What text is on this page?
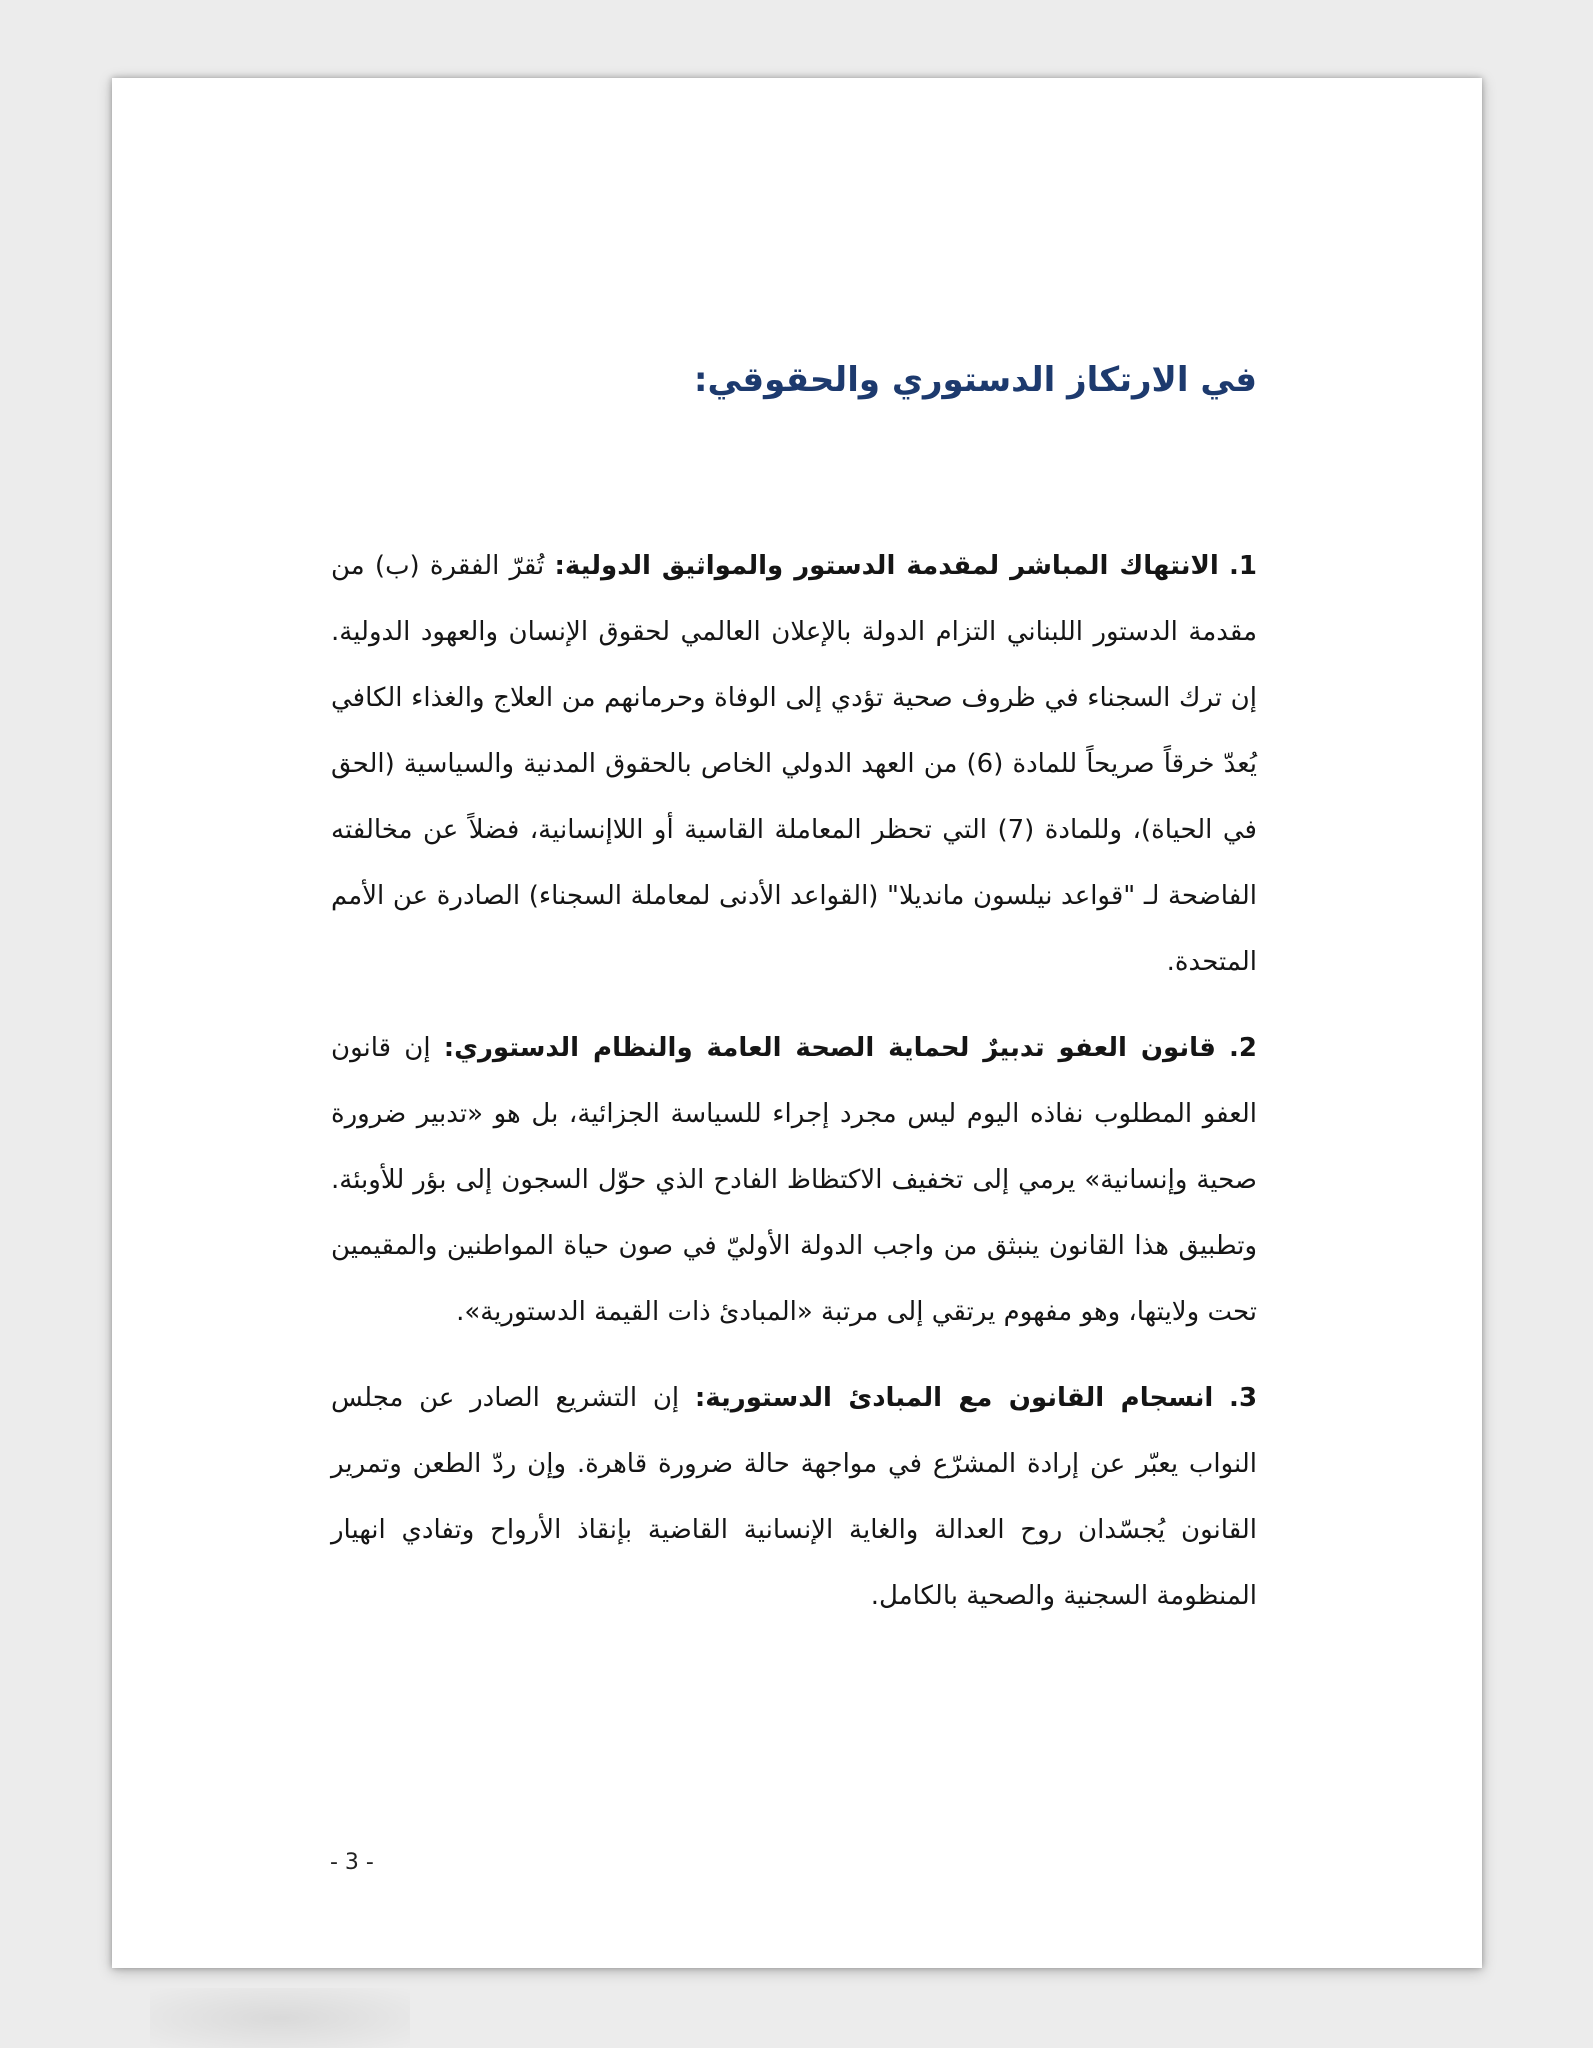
في الارتكاز الدستوري والحقوقي:

1. الانتهاك المباشر لمقدمة الدستور والمواثيق الدولية: تُقرّ الفقرة (ب) من مقدمة الدستور اللبناني التزام الدولة بالإعلان العالمي لحقوق الإنسان والعهود الدولية. إن ترك السجناء في ظروف صحية تؤدي إلى الوفاة وحرمانهم من العلاج والغذاء الكافي يُعدّ خرقاً صريحاً للمادة (6) من العهد الدولي الخاص بالحقوق المدنية والسياسية (الحق في الحياة)، وللمادة (7) التي تحظر المعاملة القاسية أو اللاإنسانية، فضلاً عن مخالفته الفاضحة لـ "قواعد نيلسون مانديلا" (القواعد الأدنى لمعاملة السجناء) الصادرة عن الأمم المتحدة.

2. قانون العفو تدبيرٌ لحماية الصحة العامة والنظام الدستوري: إن قانون العفو المطلوب نفاذه اليوم ليس مجرد إجراء للسياسة الجزائية، بل هو «تدبير ضرورة صحية وإنسانية» يرمي إلى تخفيف الاكتظاظ الفادح الذي حوّل السجون إلى بؤر للأوبئة. وتطبيق هذا القانون ينبثق من واجب الدولة الأوليّ في صون حياة المواطنين والمقيمين تحت ولايتها، وهو مفهوم يرتقي إلى مرتبة «المبادئ ذات القيمة الدستورية».

3. انسجام القانون مع المبادئ الدستورية: إن التشريع الصادر عن مجلس النواب يعبّر عن إرادة المشرّع في مواجهة حالة ضرورة قاهرة. وإن ردّ الطعن وتمرير القانون يُجسّدان روح العدالة والغاية الإنسانية القاضية بإنقاذ الأرواح وتفادي انهيار المنظومة السجنية والصحية بالكامل.

- 3 -
